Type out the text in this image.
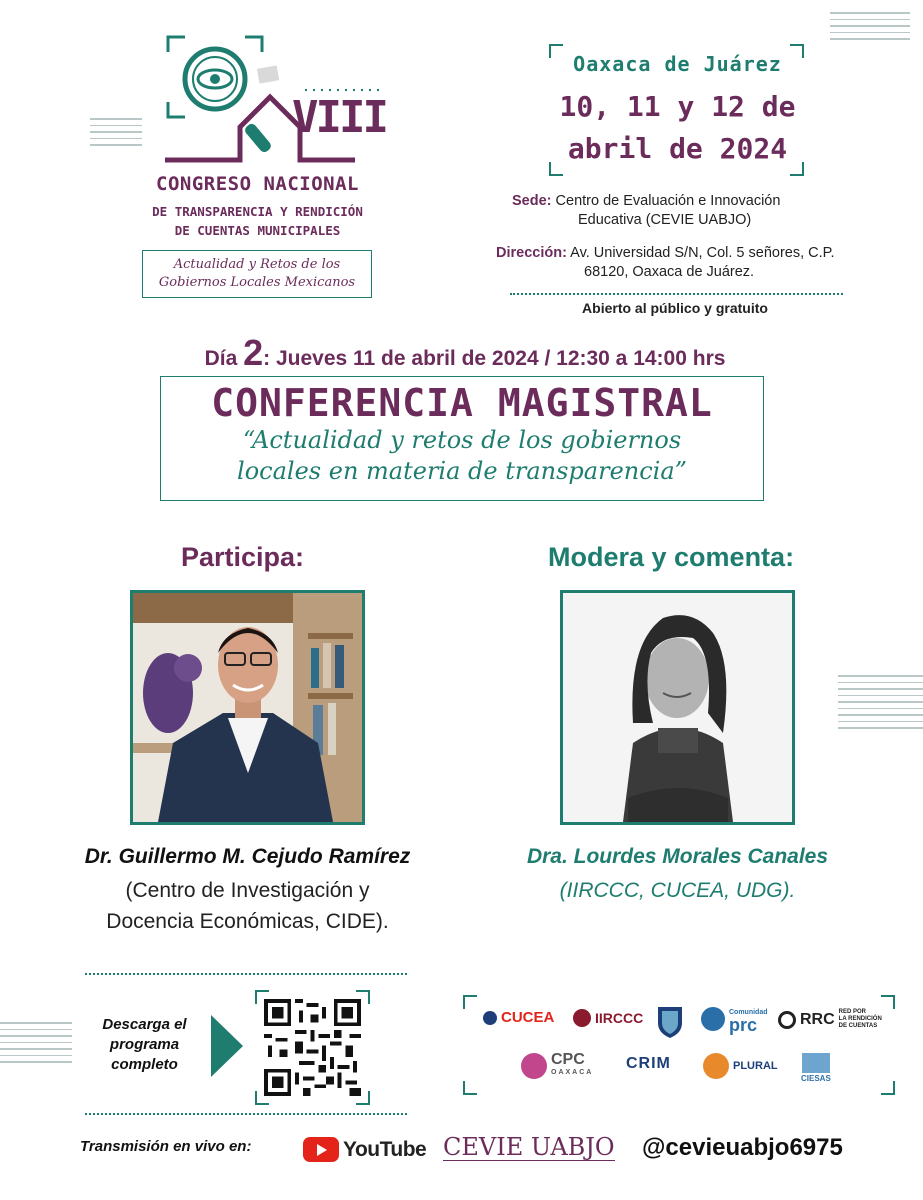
VIII
CONGRESO NACIONAL
DE TRANSPARENCIA Y RENDICIÓN
DE CUENTAS MUNICIPALES
Actualidad y Retos de los
Gobiernos Locales Mexicanos
Oaxaca de Juárez
10, 11 y 12 de
abril de 2024
Sede: Centro de Evaluación e Innovación
Educativa (CEVIE UABJO)
Dirección: Av. Universidad S/N, Col. 5 señores, C.P.
68120, Oaxaca de Juárez.
Abierto al público y gratuito
Día 2: Jueves 11 de abril de 2024 / 12:30 a 14:00 hrs
CONFERENCIA MAGISTRAL
“Actualidad y retos de los gobiernos
locales en materia de transparencia”
Participa:
Dr. Guillermo M. Cejudo Ramírez
(Centro de Investigación y
Docencia Económicas, CIDE).
Modera y comenta:
Dra. Lourdes Morales Canales
(IIRCCC, CUCEA, UDG).
Descarga el
programa
completo
CUCEA	IIRCCC	Comunidad
prc	RRC RED POR
LA RENDICIÓN
DE CUENTAS
CPC
OAXACA
CRIM	PLURAL
CIESAS
Transmisión en vivo en:	YouTube CEVIE UABJO @cevieuabjo6975
